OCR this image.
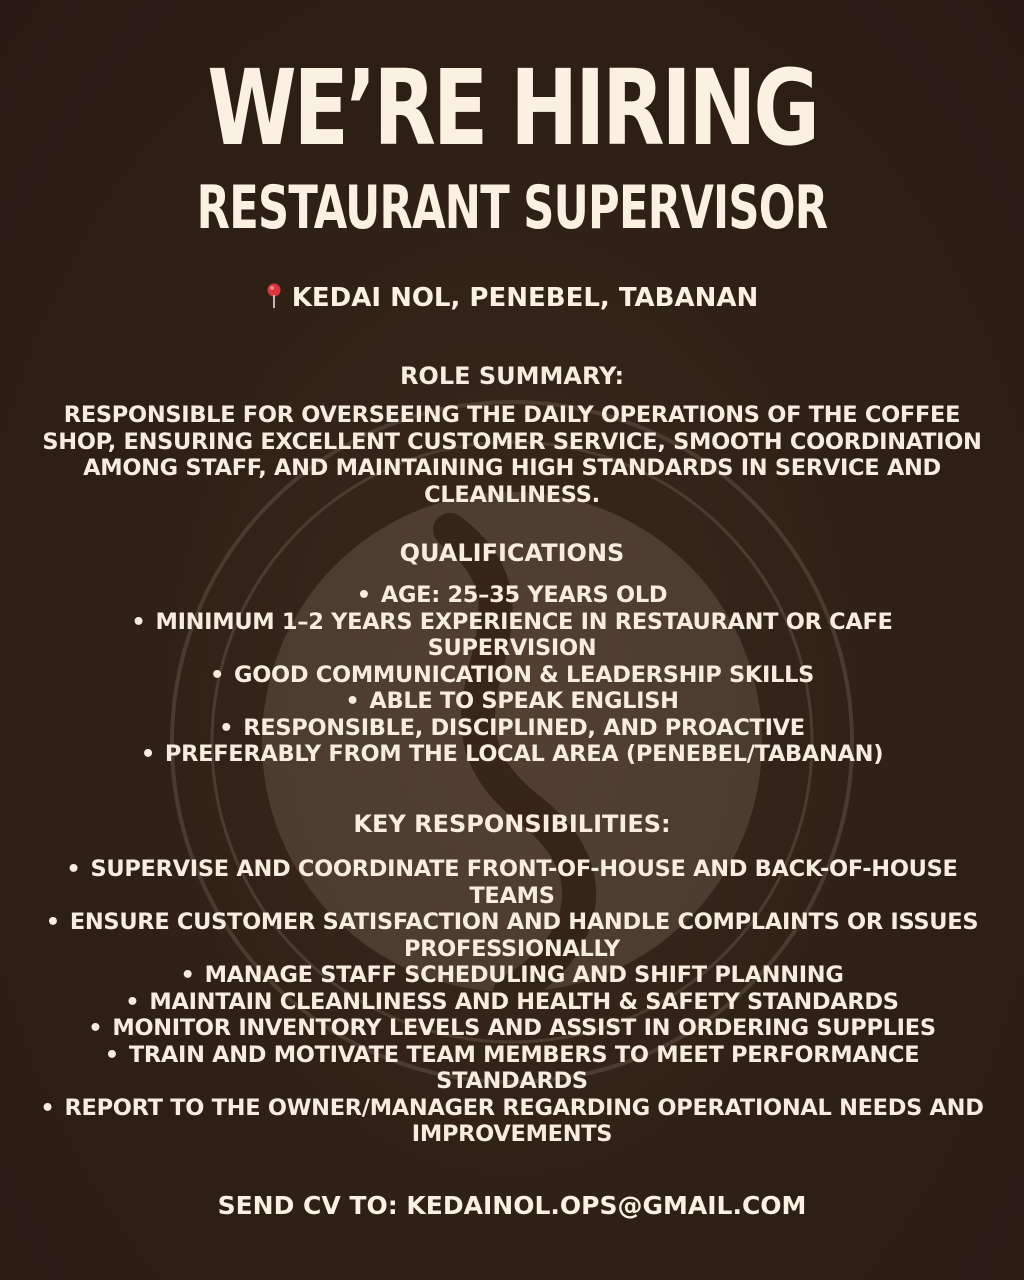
WE’RE HIRING
RESTAURANT SUPERVISOR
KEDAI NOL, PENEBEL, TABANAN

ROLE SUMMARY:

RESPONSIBLE FOR OVERSEEING THE DAILY OPERATIONS OF THE COFFEE SHOP, ENSURING EXCELLENT CUSTOMER SERVICE, SMOOTH COORDINATION AMONG STAFF, AND MAINTAINING HIGH STANDARDS IN SERVICE AND CLEANLINESS.

QUALIFICATIONS

• AGE: 25–35 YEARS OLD
• MINIMUM 1–2 YEARS EXPERIENCE IN RESTAURANT OR CAFE SUPERVISION
• GOOD COMMUNICATION & LEADERSHIP SKILLS
• ABLE TO SPEAK ENGLISH
• RESPONSIBLE, DISCIPLINED, AND PROACTIVE
• PREFERABLY FROM THE LOCAL AREA (PENEBEL/TABANAN)

KEY RESPONSIBILITIES:

• SUPERVISE AND COORDINATE FRONT-OF-HOUSE AND BACK-OF-HOUSE TEAMS
• ENSURE CUSTOMER SATISFACTION AND HANDLE COMPLAINTS OR ISSUES PROFESSIONALLY
• MANAGE STAFF SCHEDULING AND SHIFT PLANNING
• MAINTAIN CLEANLINESS AND HEALTH & SAFETY STANDARDS
• MONITOR INVENTORY LEVELS AND ASSIST IN ORDERING SUPPLIES
• TRAIN AND MOTIVATE TEAM MEMBERS TO MEET PERFORMANCE STANDARDS
• REPORT TO THE OWNER/MANAGER REGARDING OPERATIONAL NEEDS AND IMPROVEMENTS
SEND CV TO: KEDAINOL.OPS@GMAIL.COM
